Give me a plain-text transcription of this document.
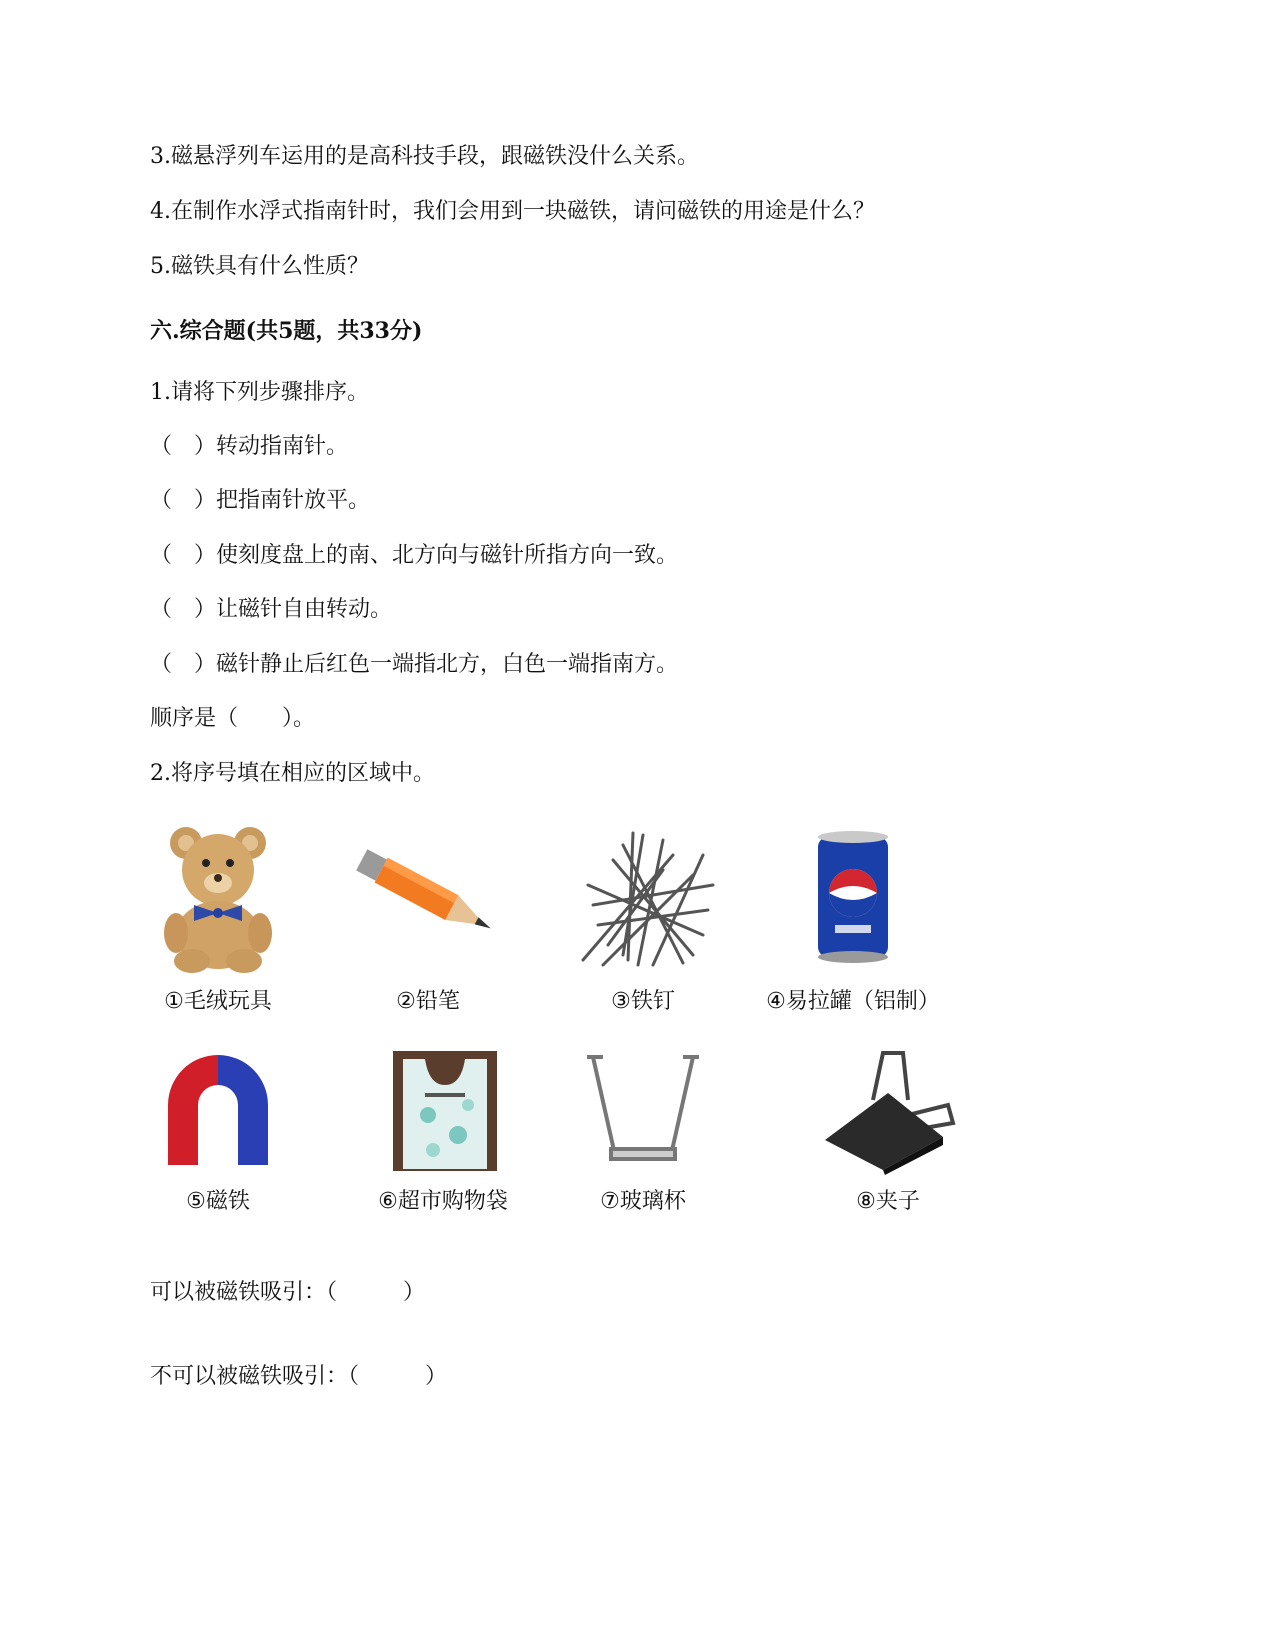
3.磁悬浮列车运用的是高科技手段，跟磁铁没什么关系。
4.在制作水浮式指南针时，我们会用到一块磁铁，请问磁铁的用途是什么？
5.磁铁具有什么性质？
六.综合题(共5题，共33分)
1.请将下列步骤排序。
（　）转动指南针。
（　）把指南针放平。
（　）使刻度盘上的南、北方向与磁针所指方向一致。
（　）让磁针自由转动。
（　）磁针静止后红色一端指北方，白色一端指南方。
顺序是（　　）。
2.将序号填在相应的区域中。
①毛绒玩具	②铅笔	③铁钉	④易拉罐（铝制）
⑤磁铁	⑥超市购物袋	⑦玻璃杯	⑧夹子
可以被磁铁吸引：（　　　）
不可以被磁铁吸引：（　　　）
